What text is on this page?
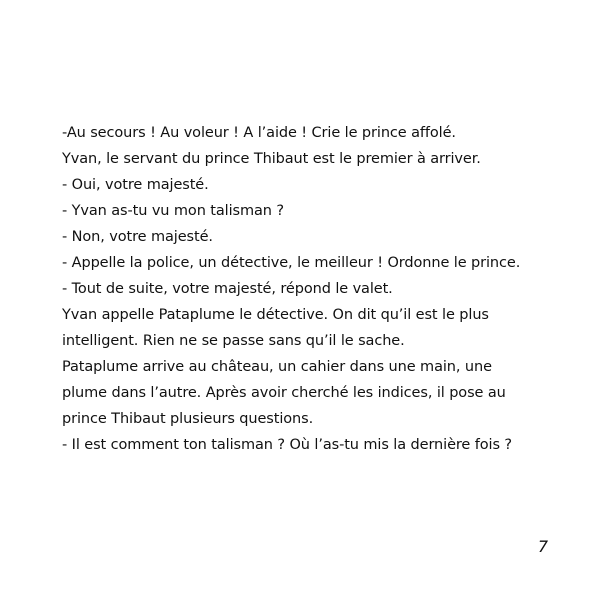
-Au secours ! Au voleur ! A l’aide ! Crie le prince affolé.
Yvan, le servant du prince Thibaut est le premier à arriver.
- Oui, votre majesté.
- Yvan as-tu vu mon talisman ?
- Non, votre majesté.
- Appelle la police, un détective, le meilleur ! Ordonne le prince.
- Tout de suite, votre majesté, répond le valet.
Yvan appelle Pataplume le détective. On dit qu’il est le plus
intelligent. Rien ne se passe sans qu’il le sache.
Pataplume arrive au château, un cahier dans une main, une
plume dans l’autre. Après avoir cherché les indices, il pose au
prince Thibaut plusieurs questions.
- Il est comment ton talisman ? Où l’as-tu mis la dernière fois ?
7
